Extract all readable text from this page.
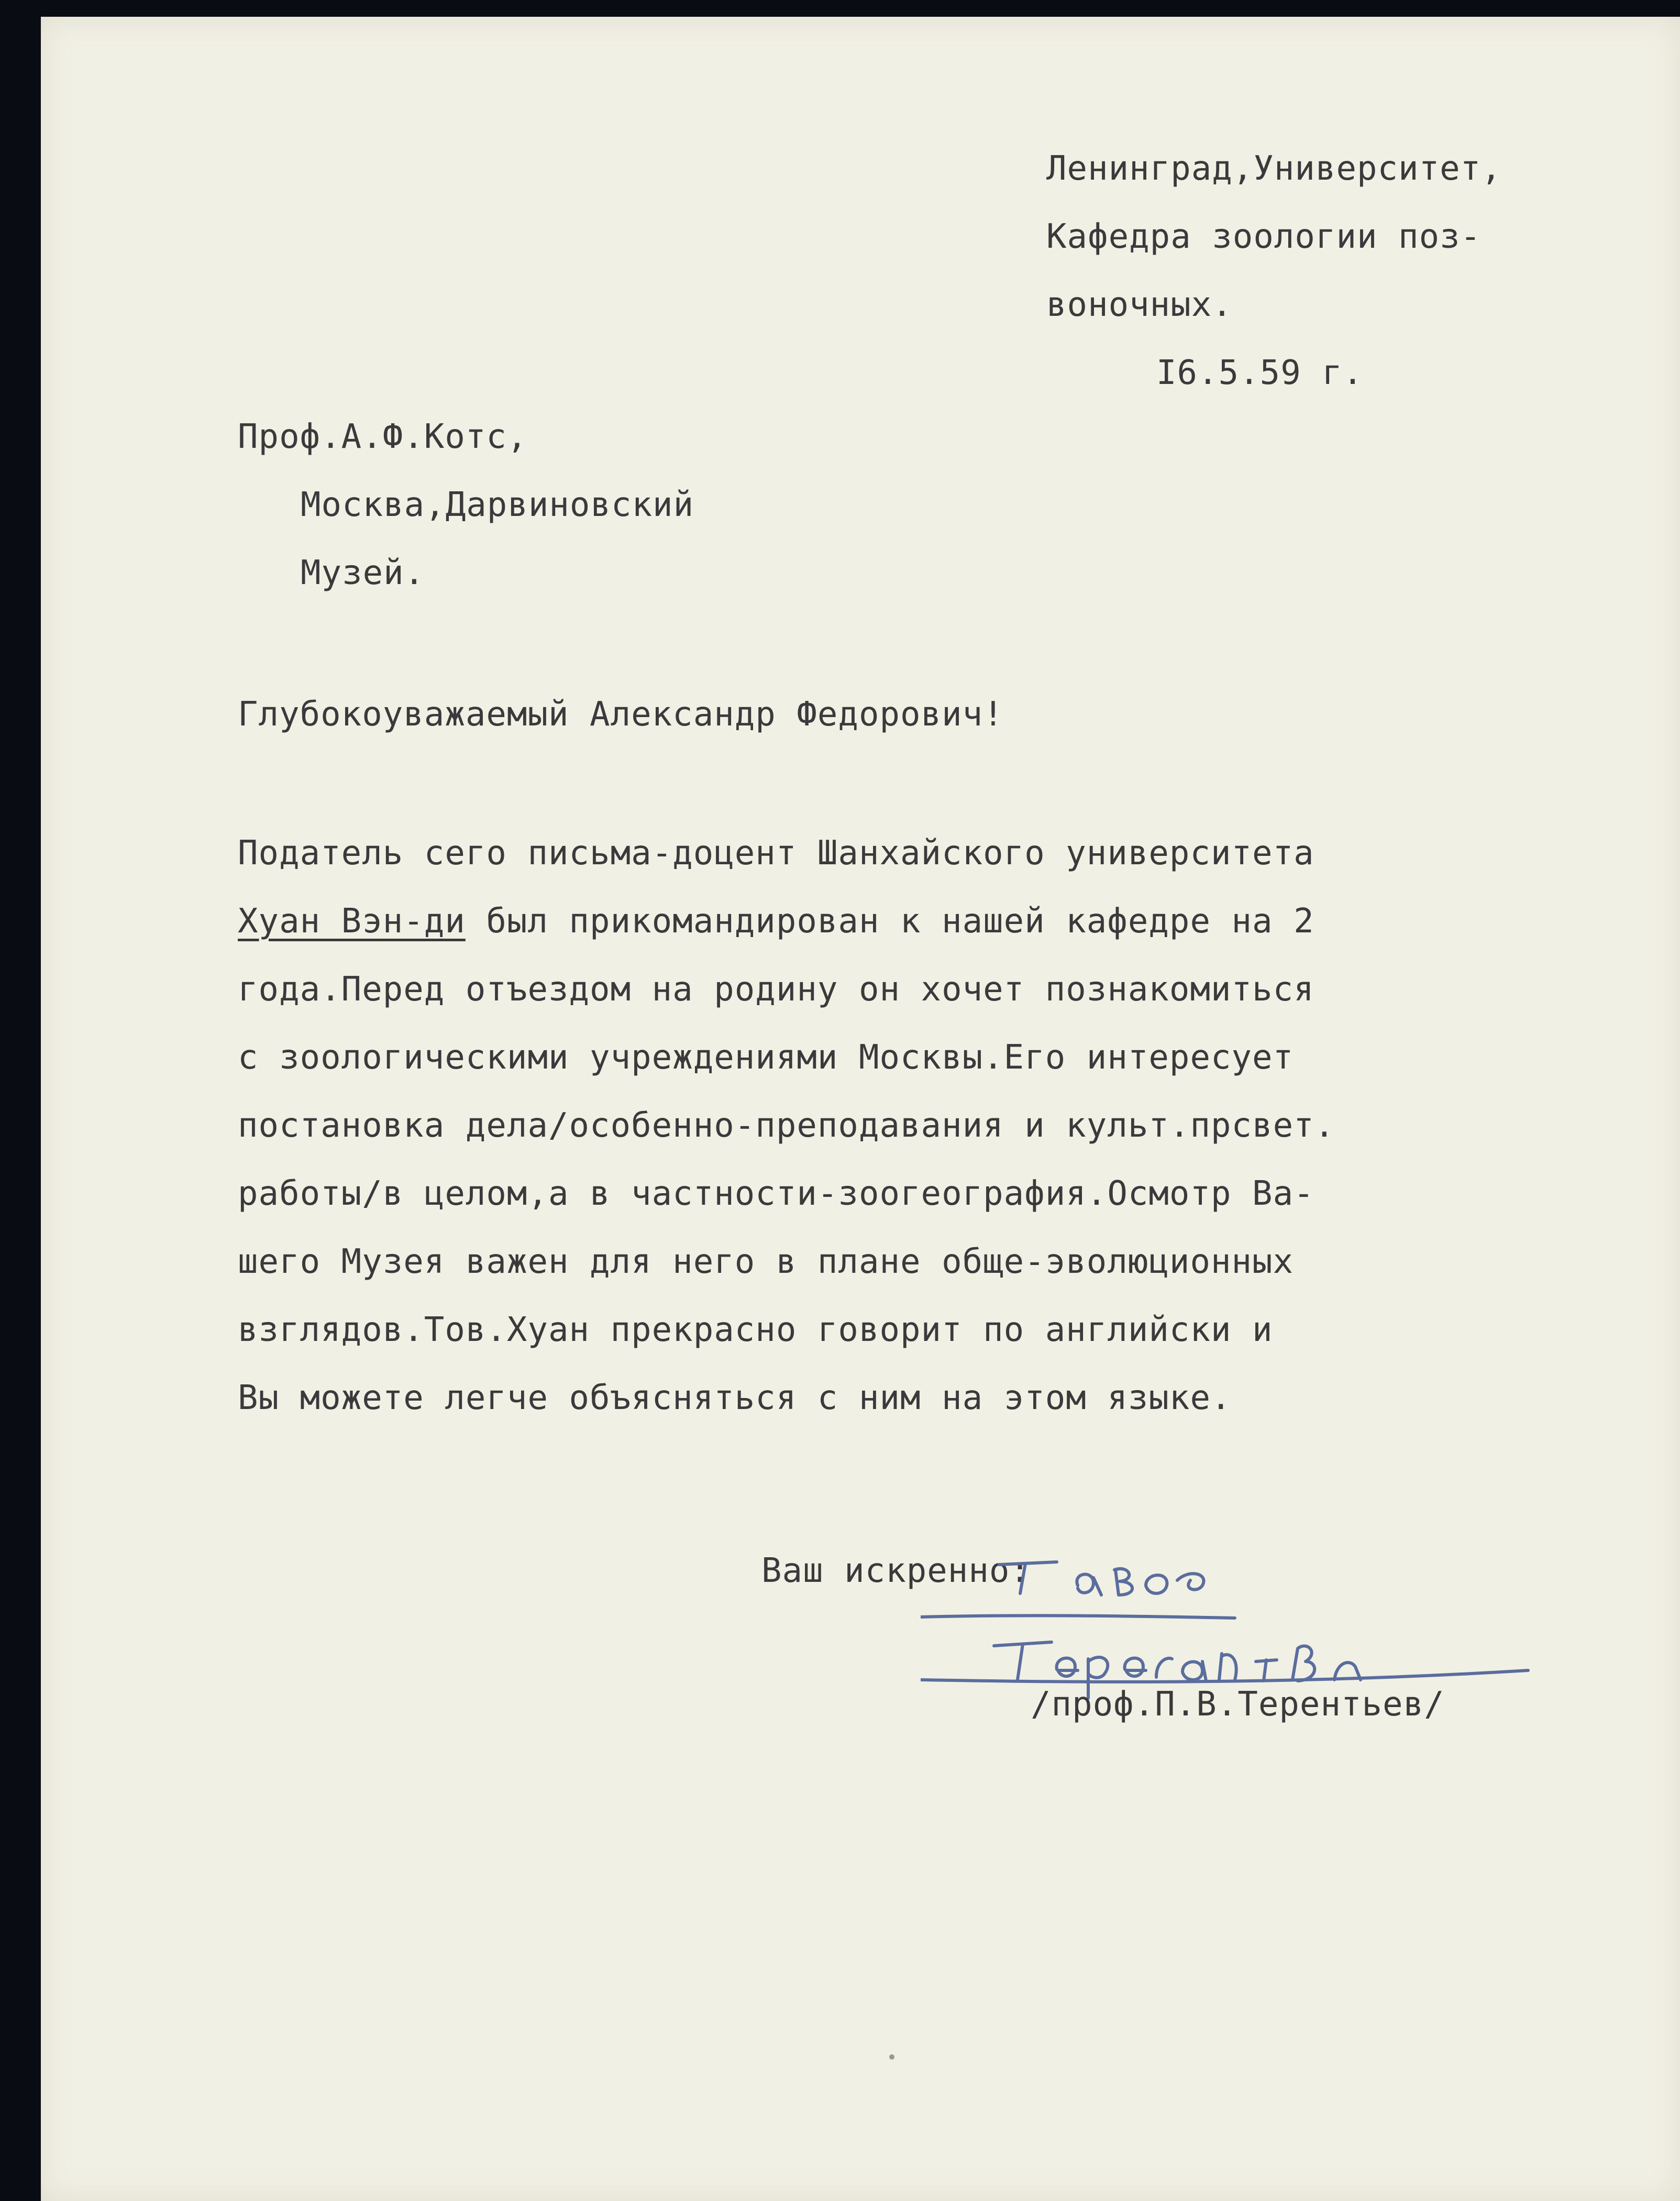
Ленинград,Университет,
Кафедра зоологии поз-
воночных.
I6.5.59 г.
Проф.А.Ф.Котс,
Москва,Дарвиновский
Музей.
Глубокоуважаемый Александр Федорович!
Податель сего письма-доцент Шанхайского университета
Хуан Вэн-ди был прикомандирован к нашей кафедре на 2
года.Перед отъездом на родину он хочет познакомиться
с зоологическими учреждениями Москвы.Его интересует
постановка дела/особенно-преподавания и культ.прсвет.
работы/в целом,а в частности-зоогеография.Осмотр Ва-
шего Музея важен для него в плане обще-эволюционных
взглядов.Тов.Хуан прекрасно говорит по английски и
Вы можете легче объясняться с ним на этом языке.
Ваш искренно:
/проф.П.В.Терентьев/
